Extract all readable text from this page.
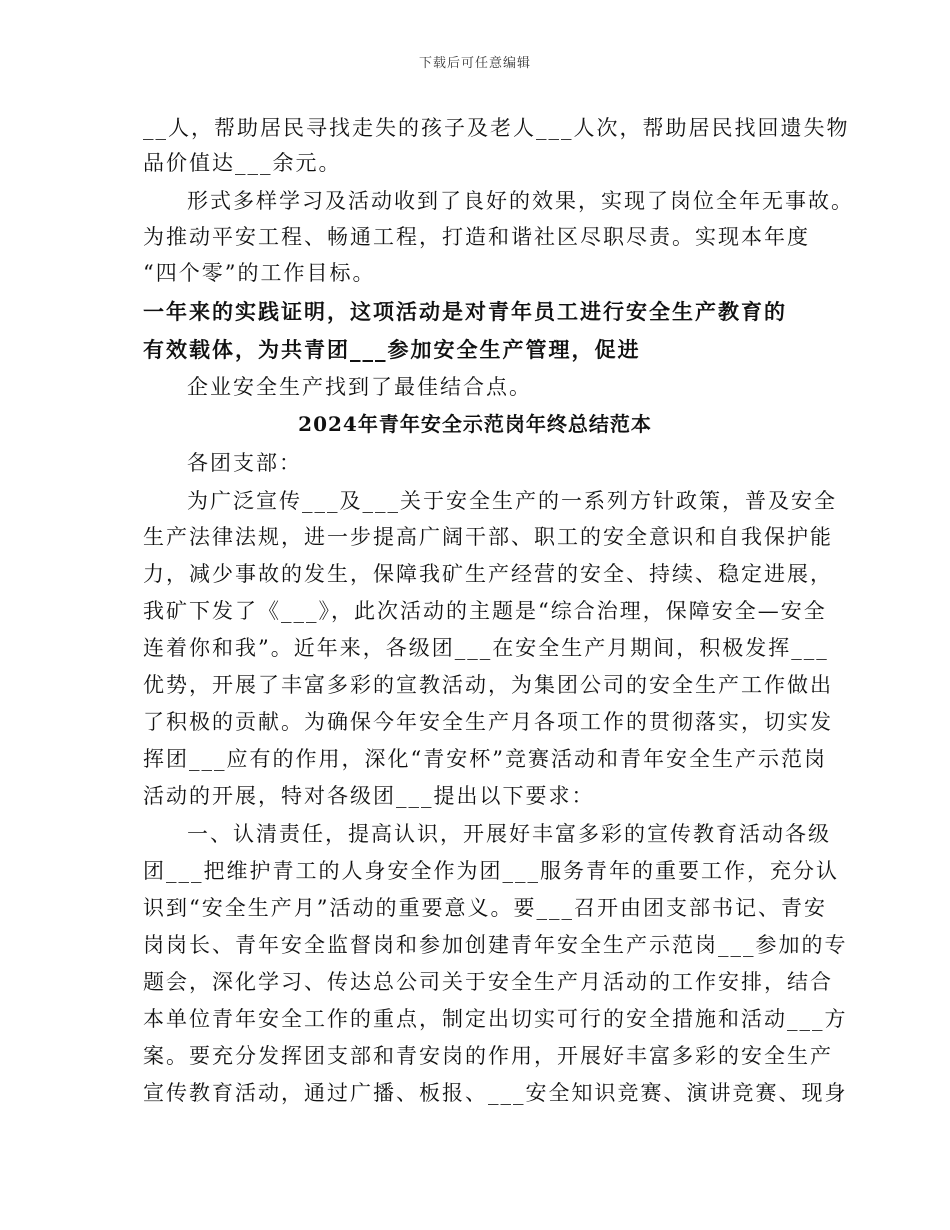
下载后可任意编辑
__人，帮助居民寻找走失的孩子及老人___人次，帮助居民找回遗失物
品价值达___余元。
形式多样学习及活动收到了良好的效果，实现了岗位全年无事故。
为推动平安工程、畅通工程，打造和谐社区尽职尽责。实现本年度
“四个零”的工作目标。
一年来的实践证明，这项活动是对青年员工进行安全生产教育的
有效载体，为共青团___参加安全生产管理，促进
企业安全生产找到了最佳结合点。
2024年青年安全示范岗年终总结范本
各团支部：
为广泛宣传___及___关于安全生产的一系列方针政策，普及安全
生产法律法规，进一步提高广阔干部、职工的安全意识和自我保护能
力，减少事故的发生，保障我矿生产经营的安全、持续、稳定进展，
我矿下发了《___》，此次活动的主题是“综合治理，保障安全—安全
连着你和我”。近年来，各级团___在安全生产月期间，积极发挥___
优势，开展了丰富多彩的宣教活动，为集团公司的安全生产工作做出
了积极的贡献。为确保今年安全生产月各项工作的贯彻落实，切实发
挥团___应有的作用，深化“青安杯”竞赛活动和青年安全生产示范岗
活动的开展，特对各级团___提出以下要求：
一、认清责任，提高认识，开展好丰富多彩的宣传教育活动各级
团___把维护青工的人身安全作为团___服务青年的重要工作，充分认
识到“安全生产月”活动的重要意义。要___召开由团支部书记、青安
岗岗长、青年安全监督岗和参加创建青年安全生产示范岗___参加的专
题会，深化学习、传达总公司关于安全生产月活动的工作安排，结合
本单位青年安全工作的重点，制定出切实可行的安全措施和活动___方
案。要充分发挥团支部和青安岗的作用，开展好丰富多彩的安全生产
宣传教育活动，通过广播、板报、___安全知识竞赛、演讲竞赛、现身
